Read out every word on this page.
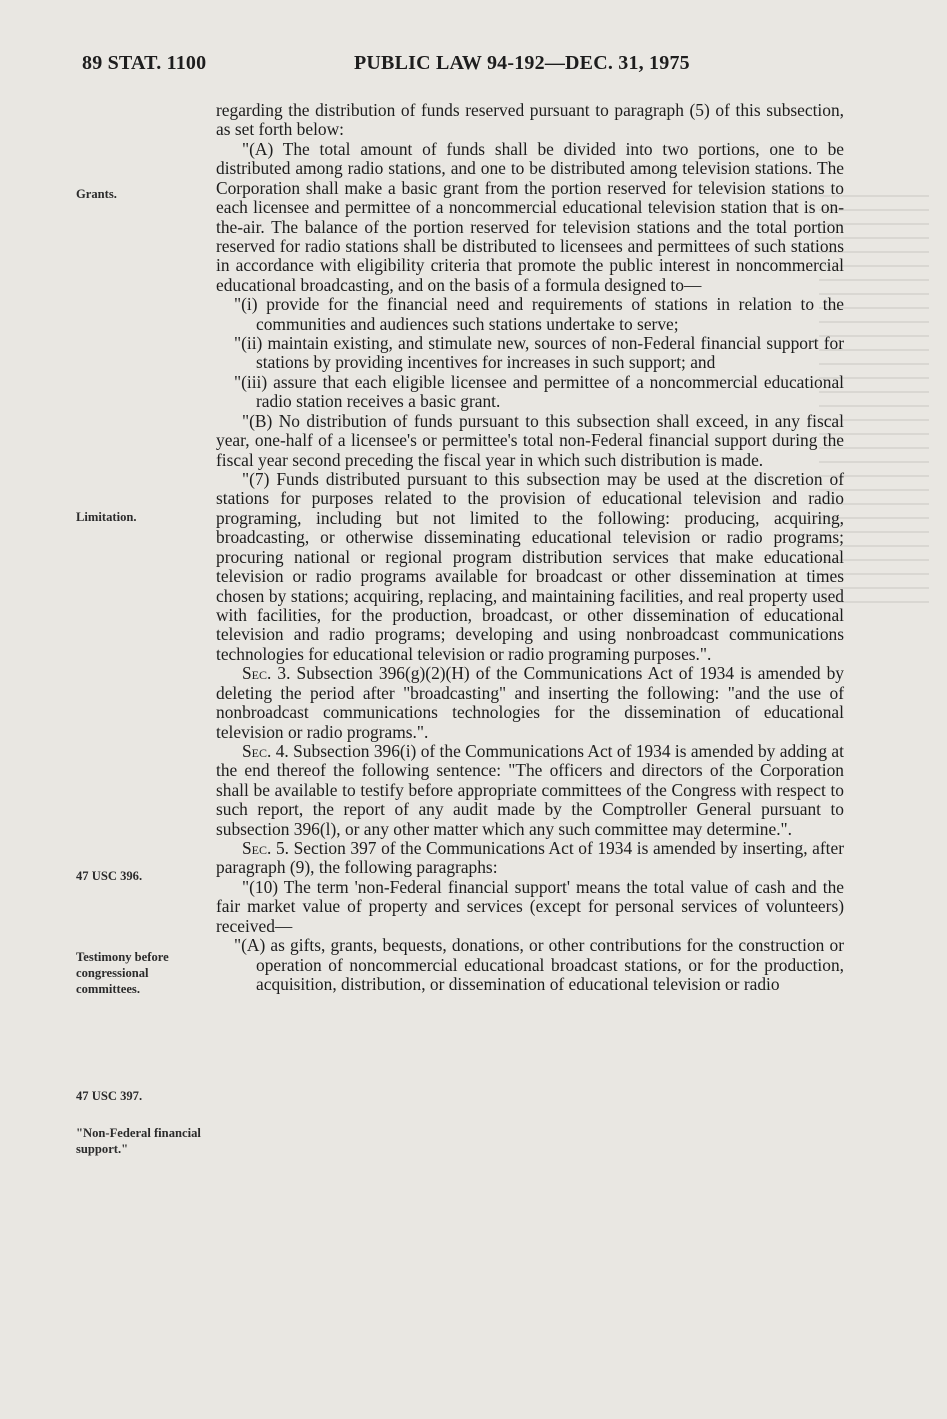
89 STAT. 1100	PUBLIC LAW 94-192—DEC. 31, 1975
Grants.
Limitation.
47 USC 396.
Testimony before congressional committees.
47 USC 397.
"Non-Federal financial support."

regarding the distribution of funds reserved pursuant to paragraph (5) of this subsection, as set forth below:

"(A) The total amount of funds shall be divided into two portions, one to be distributed among radio stations, and one to be distributed among television stations. The Corporation shall make a basic grant from the portion reserved for television stations to each licensee and permittee of a noncommercial educational television station that is on-the-air. The balance of the portion reserved for television stations and the total portion reserved for radio stations shall be distributed to licensees and permittees of such stations in accordance with eligibility criteria that promote the public interest in noncommercial educational broadcasting, and on the basis of a formula designed to—

"(i) provide for the financial need and requirements of stations in relation to the communities and audiences such stations undertake to serve;

"(ii) maintain existing, and stimulate new, sources of non-Federal financial support for stations by providing incentives for increases in such support; and

"(iii) assure that each eligible licensee and permittee of a noncommercial educational radio station receives a basic grant.

"(B) No distribution of funds pursuant to this subsection shall exceed, in any fiscal year, one-half of a licensee's or permittee's total non-Federal financial support during the fiscal year second preceding the fiscal year in which such distribution is made.

"(7) Funds distributed pursuant to this subsection may be used at the discretion of stations for purposes related to the provision of educational television and radio programing, including but not limited to the following: producing, acquiring, broadcasting, or otherwise disseminating educational television or radio programs; procuring national or regional program distribution services that make educational television or radio programs available for broadcast or other dissemination at times chosen by stations; acquiring, replacing, and maintaining facilities, and real property used with facilities, for the production, broadcast, or other dissemination of educational television and radio programs; developing and using nonbroadcast communications technologies for educational television or radio programing purposes.".

Sec. 3. Subsection 396(g)(2)(H) of the Communications Act of 1934 is amended by deleting the period after "broadcasting" and inserting the following: "and the use of nonbroadcast communications technologies for the dissemination of educational television or radio programs.".

Sec. 4. Subsection 396(i) of the Communications Act of 1934 is amended by adding at the end thereof the following sentence: "The officers and directors of the Corporation shall be available to testify before appropriate committees of the Congress with respect to such report, the report of any audit made by the Comptroller General pursuant to subsection 396(l), or any other matter which any such committee may determine.".

Sec. 5. Section 397 of the Communications Act of 1934 is amended by inserting, after paragraph (9), the following paragraphs:

"(10) The term 'non-Federal financial support' means the total value of cash and the fair market value of property and services (except for personal services of volunteers) received—

"(A) as gifts, grants, bequests, donations, or other contributions for the construction or operation of noncommercial educational broadcast stations, or for the production, acquisition, distribution, or dissemination of educational television or radio
